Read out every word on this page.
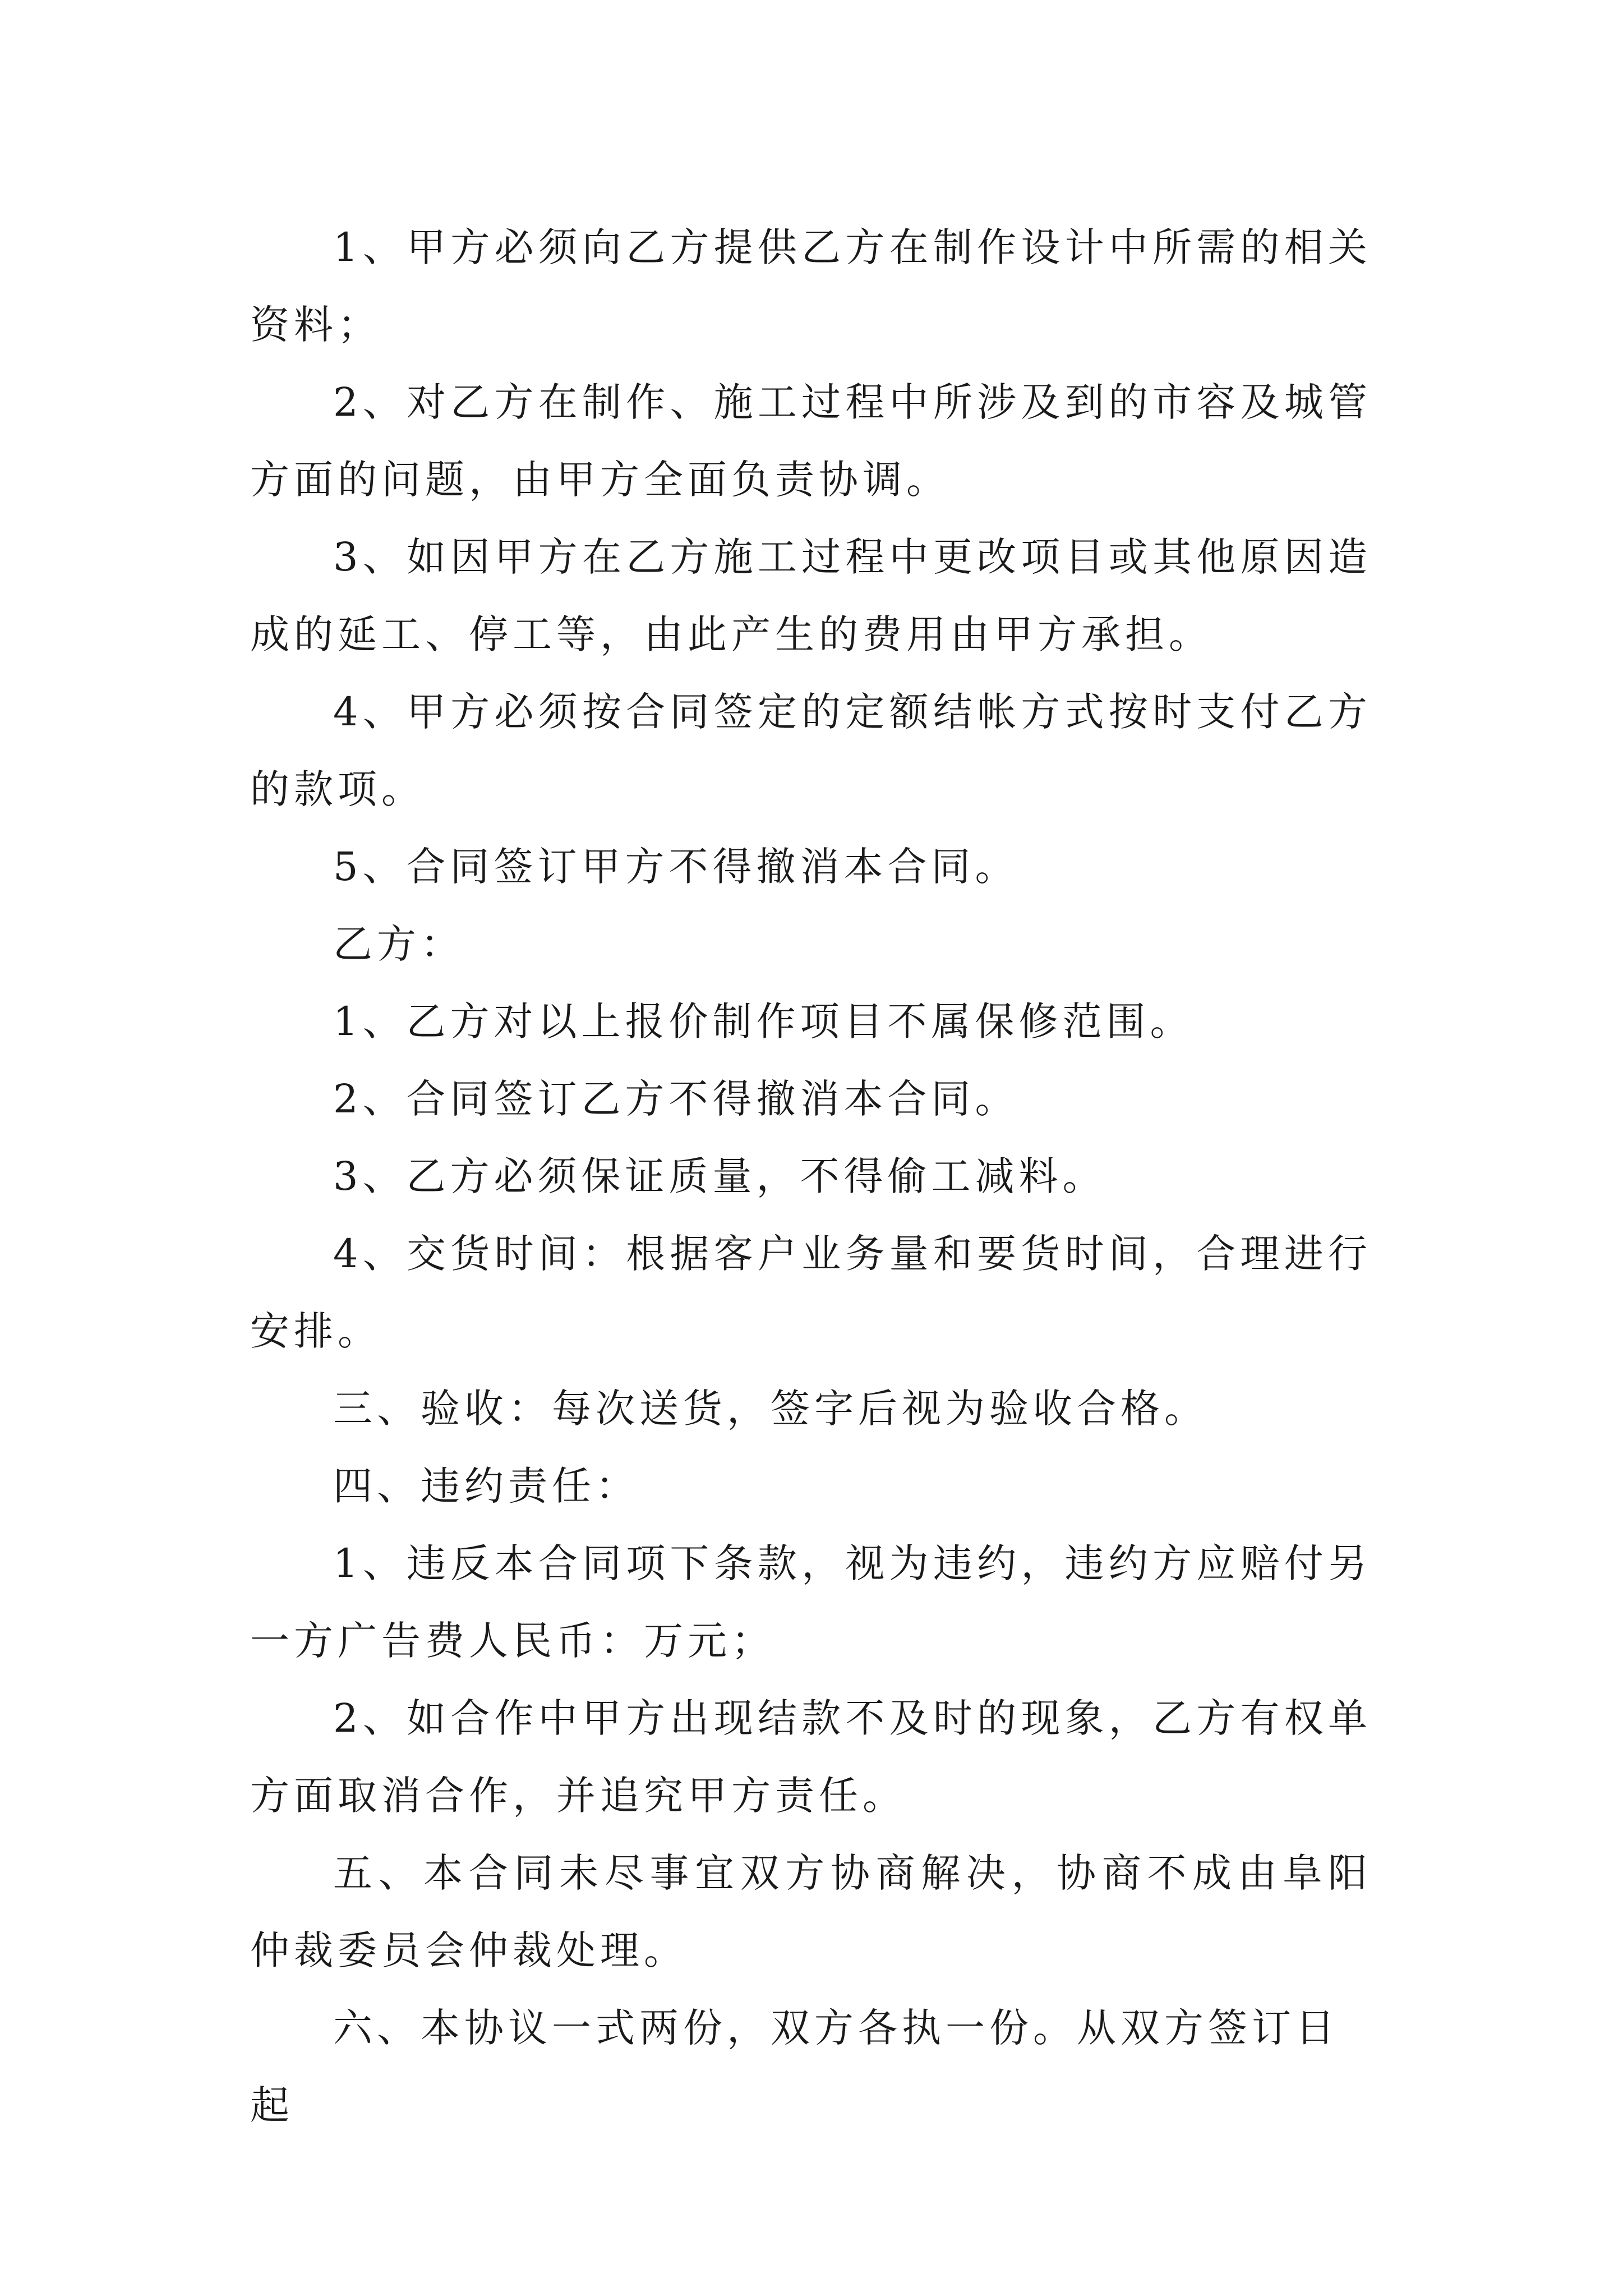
1、甲方必须向乙方提供乙方在制作设计中所需的相关资料；

2、对乙方在制作、施工过程中所涉及到的市容及城管方面的问题，由甲方全面负责协调。

3、如因甲方在乙方施工过程中更改项目或其他原因造成的延工、停工等，由此产生的费用由甲方承担。

4、甲方必须按合同签定的定额结帐方式按时支付乙方的款项。

5、合同签订甲方不得撤消本合同。

乙方：

1、乙方对以上报价制作项目不属保修范围。

2、合同签订乙方不得撤消本合同。

3、乙方必须保证质量，不得偷工减料。

4、交货时间：根据客户业务量和要货时间，合理进行安排。

三、验收：每次送货，签字后视为验收合格。

四、违约责任：

1、违反本合同项下条款，视为违约，违约方应赔付另一方广告费人民币：万元；

2、如合作中甲方出现结款不及时的现象，乙方有权单方面取消合作，并追究甲方责任。

五、本合同未尽事宜双方协商解决，协商不成由阜阳仲裁委员会仲裁处理。

六、本协议一式两份，双方各执一份。从双方签订日起
